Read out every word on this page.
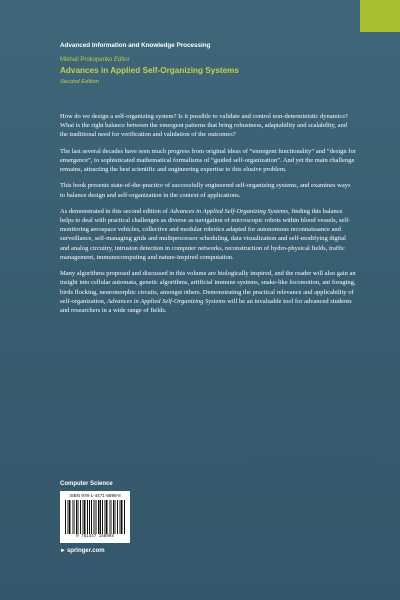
Advanced Information and Knowledge Processing
Mikhail Prokopenko Editor
Advances in Applied Self-Organizing Systems
Second Edition

How do we design a self-organizing system? Is it possible to validate and control non-deterministic dynamics? What is the right balance between the emergent patterns that bring robustness, adaptability and scalability, and the traditional need for verification and validation of the outcomes?

The last several decades have seen much progress from original ideas of “emergent functionality” and “design for emergence”, to sophisticated mathematical formalisms of “guided self-organization”. And yet the main challenge remains, attracting the best scientific and engineering expertise to this elusive problem.

This book presents state-of-the-practice of successfully engineered self-organizing systems, and examines ways to balance design and self-organization in the context of applications.

As demonstrated in this second edition of Advances in Applied Self-Organizing Systems, finding this balance helps to deal with practical challenges as diverse as navigation of microscopic robots within blood vessels, self-monitoring aerospace vehicles, collective and modular robotics adapted for autonomous reconnaissance and surveillance, self-managing grids and multiprocessor scheduling, data visualization and self-modifying digital and analog circuitry, intrusion detection in computer networks, reconstruction of hydro-physical fields, traffic management, immunocomputing and nature-inspired computation.

Many algorithms proposed and discussed in this volume are biologically inspired, and the reader will also gain an insight into cellular automata, genetic algorithms, artificial immune systems, snake-like locomotion, ant foraging, birds flocking, neuromorphic circuits, amongst others. Demonstrating the practical relevance and applicability of self-organization, Advances in Applied Self-Organizing Systems will be an invaluable tool for advanced students and researchers in a wide range of fields.

Computer Science
ISBN 978-1-4471-5899-8
9 781447 158998
►springer.com
